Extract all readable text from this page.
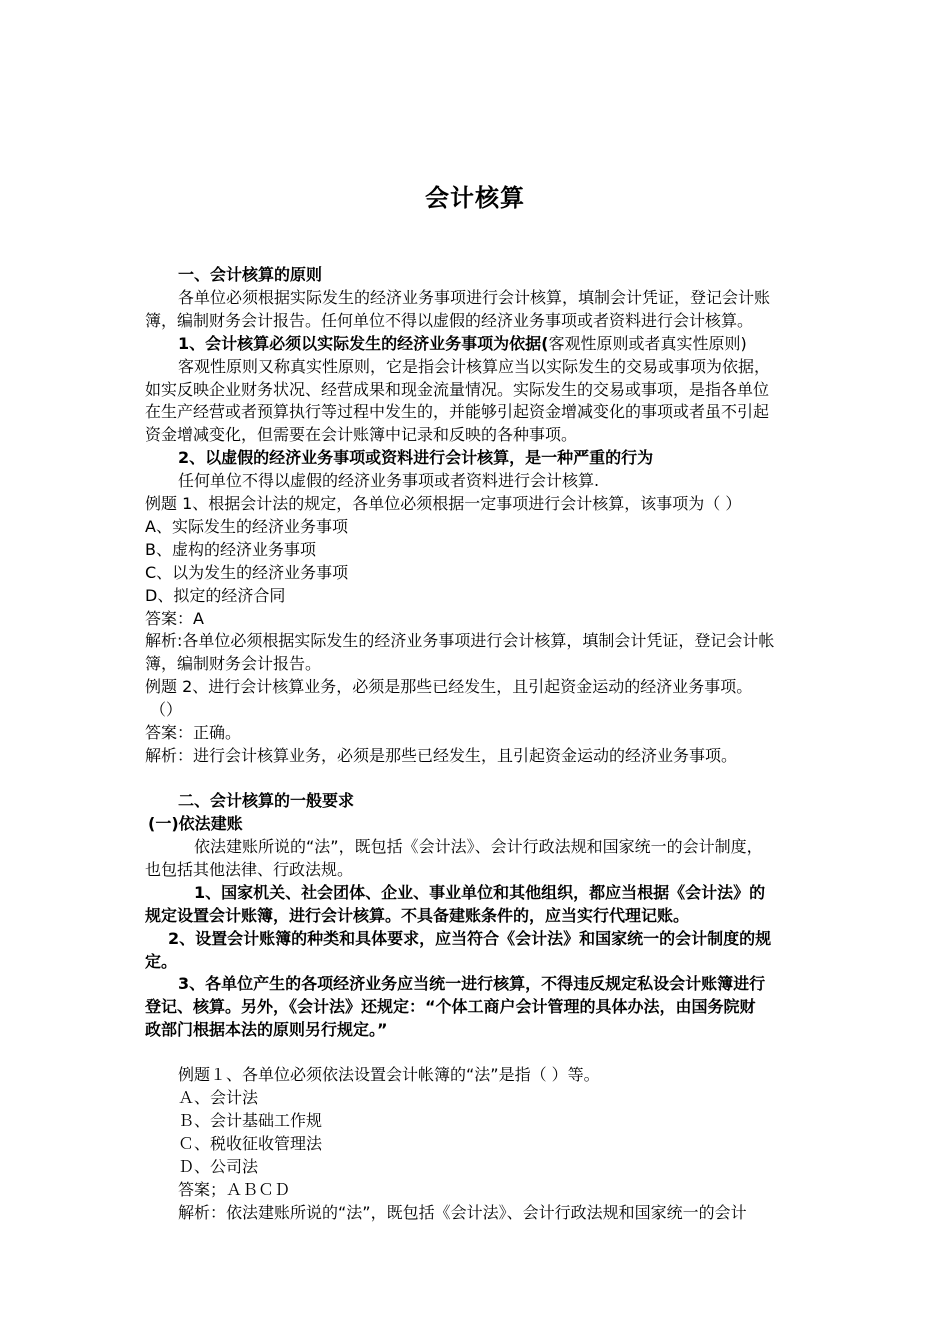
会计核算
一、会计核算的原则
各单位必须根据实际发生的经济业务事项进行会计核算，填制会计凭证，登记会计账
簿，编制财务会计报告。任何单位不得以虚假的经济业务事项或者资料进行会计核算。
1、会计核算必须以实际发生的经济业务事项为依据(客观性原则或者真实性原则)
客观性原则又称真实性原则，它是指会计核算应当以实际发生的交易或事项为依据，
如实反映企业财务状况、经营成果和现金流量情况。实际发生的交易或事项，是指各单位
在生产经营或者预算执行等过程中发生的，并能够引起资金增减变化的事项或者虽不引起
资金增减变化，但需要在会计账簿中记录和反映的各种事项。
2、以虚假的经济业务事项或资料进行会计核算，是一种严重的行为
任何单位不得以虚假的经济业务事项或者资料进行会计核算.
例题 1、根据会计法的规定，各单位必须根据一定事项进行会计核算，该事项为（ ）
A、实际发生的经济业务事项
B、虚构的经济业务事项
C、以为发生的经济业务事项
D、拟定的经济合同
答案：A
解析:各单位必须根据实际发生的经济业务事项进行会计核算，填制会计凭证，登记会计帐
簿，编制财务会计报告。
例题 2、进行会计核算业务，必须是那些已经发生，且引起资金运动的经济业务事项。
（）
答案：正确。
解析：进行会计核算业务，必须是那些已经发生，且引起资金运动的经济业务事项。
二、会计核算的一般要求
(一)依法建账
依法建账所说的“法”，既包括《会计法》、会计行政法规和国家统一的会计制度，
也包括其他法律、行政法规。
1、国家机关、社会团体、企业、事业单位和其他组织，都应当根据《会计法》的
规定设置会计账簿，进行会计核算。不具备建账条件的，应当实行代理记账。
2、设置会计账簿的种类和具体要求，应当符合《会计法》和国家统一的会计制度的规
定。
3、各单位产生的各项经济业务应当统一进行核算，不得违反规定私设会计账簿进行
登记、核算。另外，《会计法》还规定：“个体工商户会计管理的具体办法，由国务院财
政部门根据本法的原则另行规定。”
例题１、各单位必须依法设置会计帐簿的“法”是指（ ）等。
Ａ、会计法
Ｂ、会计基础工作规
Ｃ、税收征收管理法
Ｄ、公司法
答案；ＡＢＣＤ
解析：依法建账所说的“法”，既包括《会计法》、会计行政法规和国家统一的会计
